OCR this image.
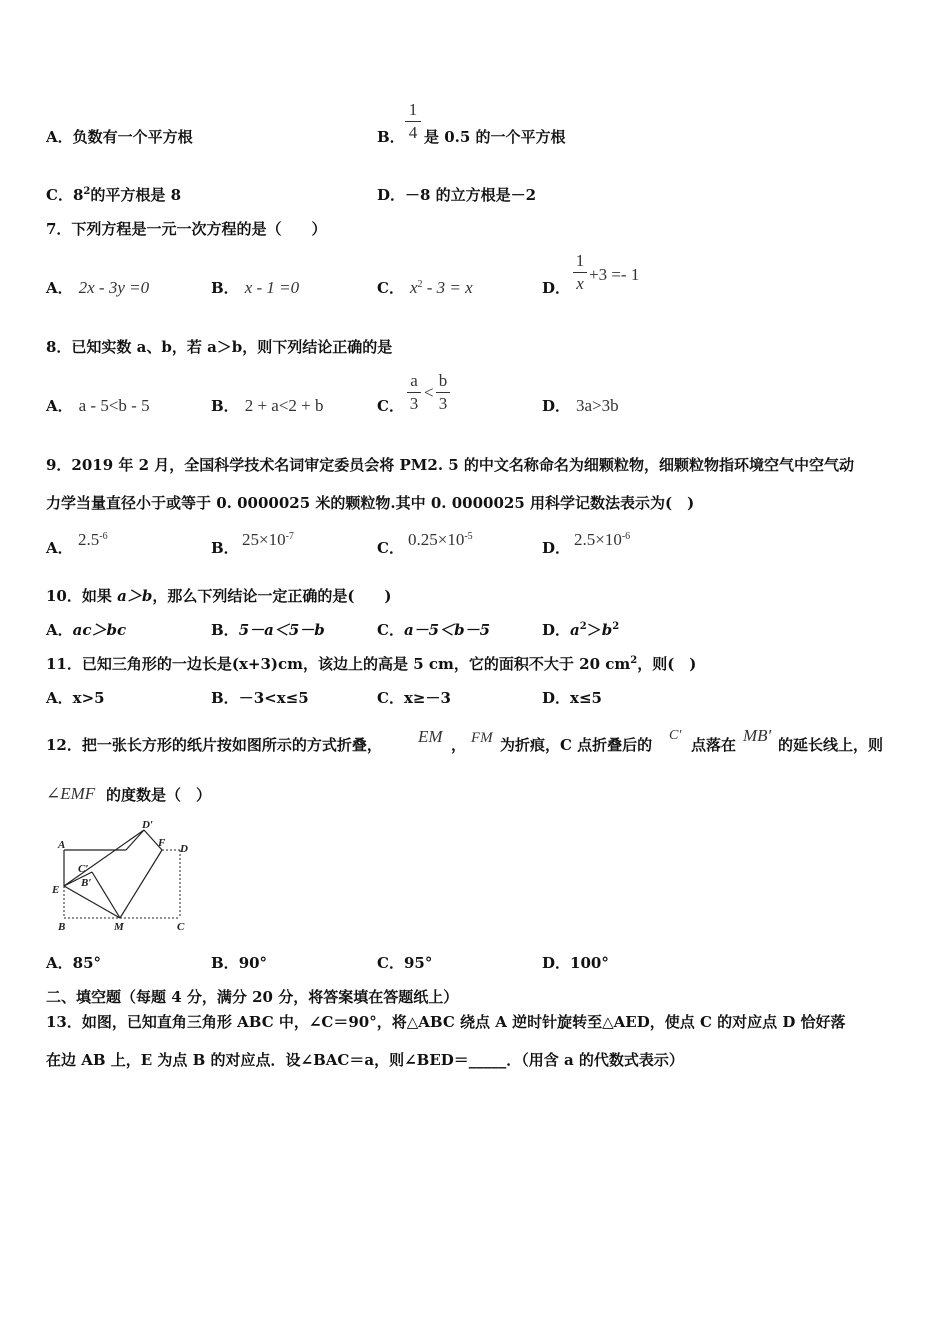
A．负数有一个平方根	B．
1
4 是 0.5 的一个平方根
C．$8^2$的平方根是 8	D．－8 的立方根是－2
7．下列方程是一元一次方程的是（　　）
A． 2x - 3y =0	B． x - 1 =0	C． $x^2 - 3 = x$	D．
1
x +3 =- 1
8．已知实数 a、b，若 a＞b，则下列结论正确的是
A． a - 5<b - 5	B． 2 + a<2 + b	C．
a
3
<
b
3	D． 3a>3b
9．2019 年 2 月，全国科学技术名词审定委员会将 PM2. 5 的中文名称命名为细颗粒物，细颗粒物指环境空气中空气动
力学当量直径小于或等于 0. 0000025 米的颗粒物.其中 0. 0000025 用科学记数法表示为(　)
A． $2.5^{-6}$
B． $25\times 10^{-7}$
C． $0.25\times 10^{-5}$
D． $2.5\times 10^{-6}$
10．如果 a＞b，那么下列结论一定正确的是(　　)
A．ac＞bc	B．5－a＜5－b	C．a－5＜b－5	D．$a^2>b^2$
11．已知三角形的一边长是(x+3)cm，该边上的高是 5 cm，它的面积不大于 20 $cm^2$，则(　)
A．x>5	B．－3<x≤5	C．x≥－3	D．x≤5
12．把一张长方形的纸片按如图所示的方式折叠， EM ， FM 为折痕，C 点折叠后的
C′
点落在 MB′ 的延长线上，则
∠EMF 的度数是（　）
A
B	C
D
D′
F
C′
B′
E
M
A．85°	B．90°	C．95°	D．100°
二、填空题（每题 4 分，满分 20 分，将答案填在答题纸上）
13．如图，已知直角三角形 ABC 中，∠C＝90°，将△ABC 绕点 A 逆时针旋转至△AED，使点 C 的对应点 D 恰好落
在边 AB 上，E 为点 B 的对应点．设∠BAC＝a，则∠BED＝_____．（用含 a 的代数式表示）
